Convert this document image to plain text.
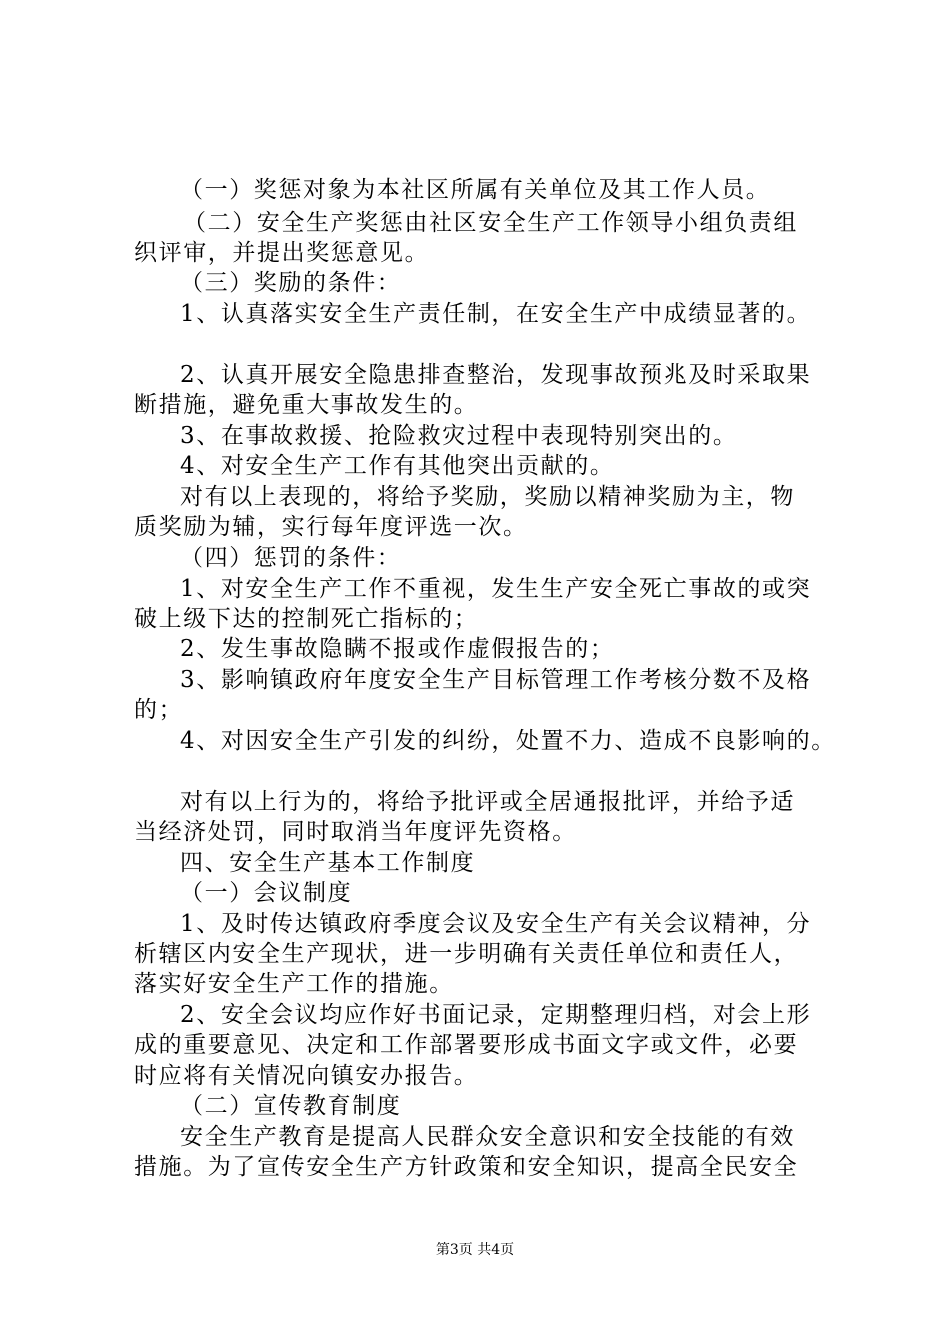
（一）奖惩对象为本社区所属有关单位及其工作人员。
（二）安全生产奖惩由社区安全生产工作领导小组负责组
织评审，并提出奖惩意见。
（三）奖励的条件：
1、认真落实安全生产责任制，在安全生产中成绩显著的。
2、认真开展安全隐患排查整治，发现事故预兆及时采取果
断措施，避免重大事故发生的。
3、在事故救援、抢险救灾过程中表现特别突出的。
4、对安全生产工作有其他突出贡献的。
对有以上表现的，将给予奖励，奖励以精神奖励为主，物
质奖励为辅，实行每年度评选一次。
（四）惩罚的条件：
1、对安全生产工作不重视，发生生产安全死亡事故的或突
破上级下达的控制死亡指标的；
2、发生事故隐瞒不报或作虚假报告的；
3、影响镇政府年度安全生产目标管理工作考核分数不及格
的；
4、对因安全生产引发的纠纷，处置不力、造成不良影响的。
对有以上行为的，将给予批评或全居通报批评，并给予适
当经济处罚，同时取消当年度评先资格。
四、安全生产基本工作制度
（一）会议制度
1、及时传达镇政府季度会议及安全生产有关会议精神，分
析辖区内安全生产现状，进一步明确有关责任单位和责任人，
落实好安全生产工作的措施。
2、安全会议均应作好书面记录，定期整理归档，对会上形
成的重要意见、决定和工作部署要形成书面文字或文件，必要
时应将有关情况向镇安办报告。
（二）宣传教育制度
安全生产教育是提高人民群众安全意识和安全技能的有效
措施。为了宣传安全生产方针政策和安全知识，提高全民安全
第3页 共4页
